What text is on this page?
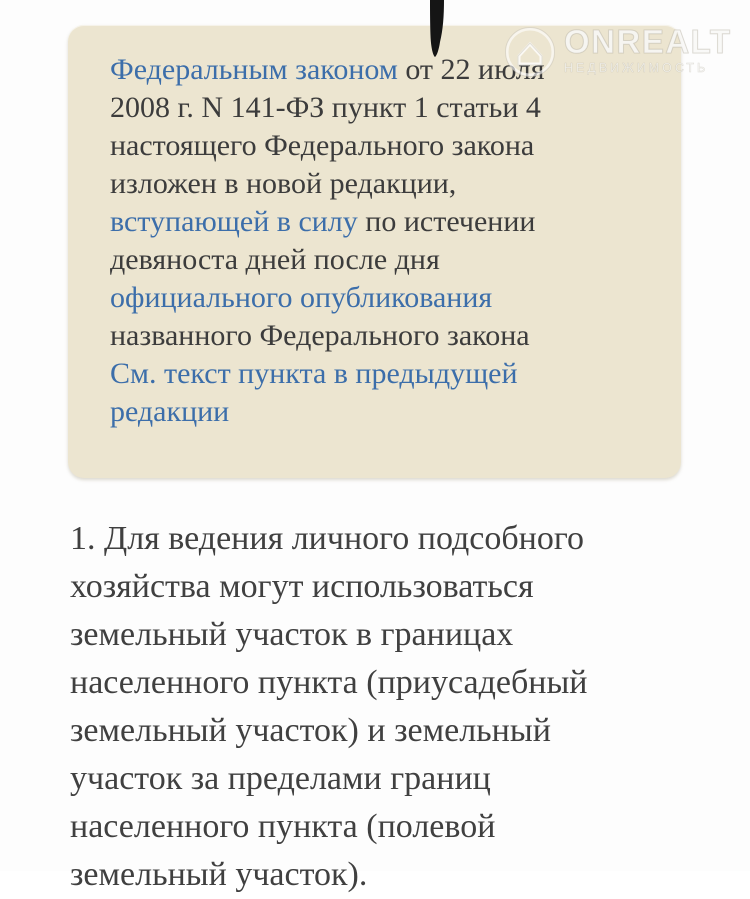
Федеральным законом от 22 июля
2008 г. N 141-ФЗ пункт 1 статьи 4
настоящего Федерального закона
изложен в новой редакции,
вступающей в силу по истечении
девяноста дней после дня
официального опубликования
названного Федерального закона
См. текст пункта в предыдущей
редакции
ONREALT
НЕДВИЖИМОСТЬ
1. Для ведения личного подсобного
хозяйства могут использоваться
земельный участок в границах
населенного пункта (приусадебный
земельный участок) и земельный
участок за пределами границ
населенного пункта (полевой
земельный участок).
